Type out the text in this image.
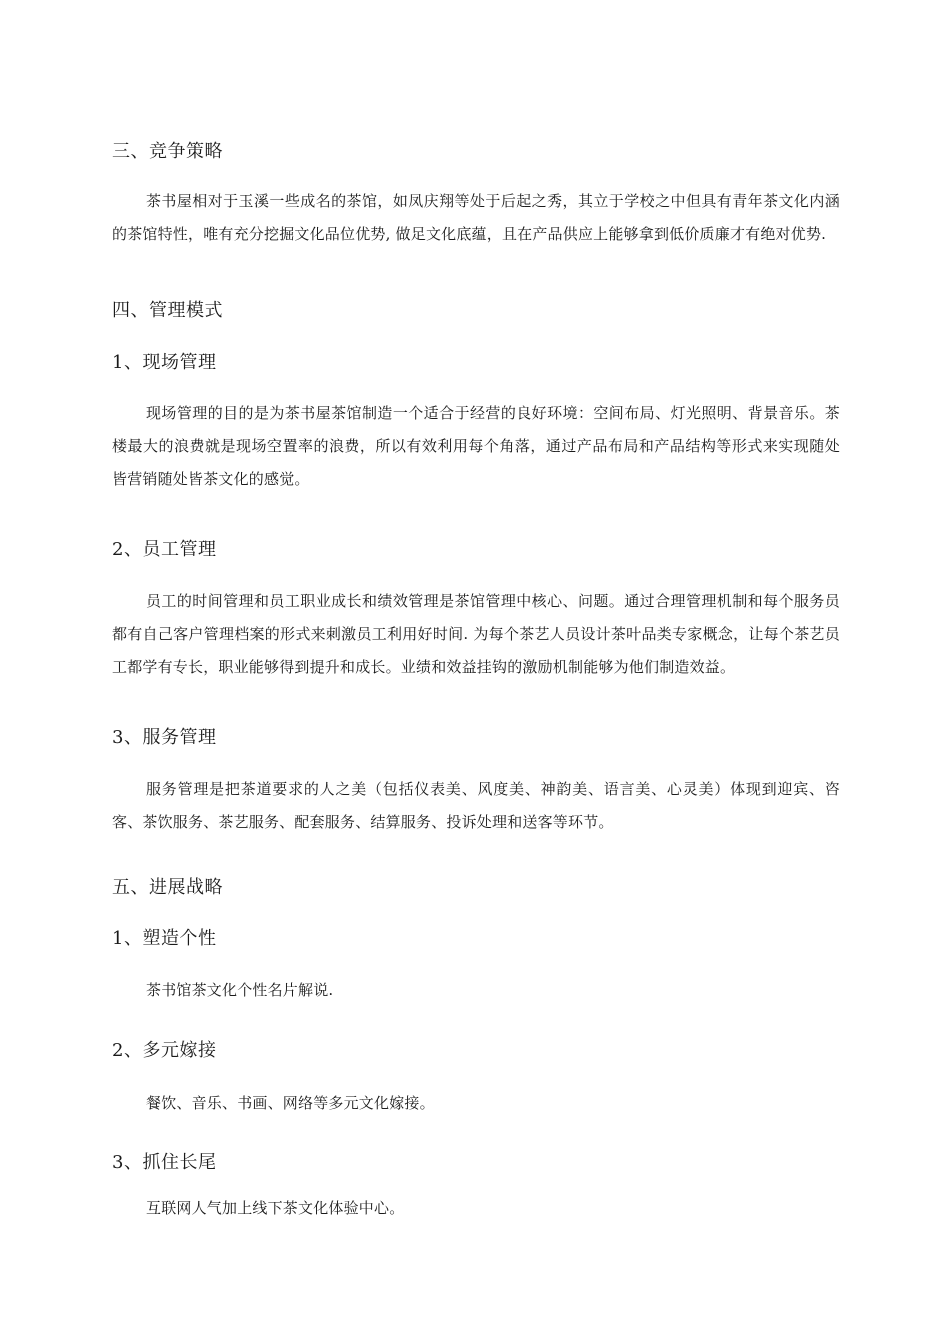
三、竞争策略
茶书屋相对于玉溪一些成名的茶馆，如凤庆翔等处于后起之秀，其立于学校之中但具有青年茶文化内涵的茶馆特性，唯有充分挖掘文化品位优势, 做足文化底蕴，且在产品供应上能够拿到低价质廉才有绝对优势.
四、管理模式
1、现场管理
现场管理的目的是为茶书屋茶馆制造一个适合于经营的良好环境：空间布局、灯光照明、背景音乐。茶楼最大的浪费就是现场空置率的浪费，所以有效利用每个角落，通过产品布局和产品结构等形式来实现随处皆营销随处皆茶文化的感觉。
2、员工管理
员工的时间管理和员工职业成长和绩效管理是茶馆管理中核心、问题。通过合理管理机制和每个服务员都有自己客户管理档案的形式来刺激员工利用好时间. 为每个茶艺人员设计茶叶品类专家概念，让每个茶艺员工都学有专长，职业能够得到提升和成长。业绩和效益挂钩的激励机制能够为他们制造效益。
3、服务管理
服务管理是把茶道要求的人之美（包括仪表美、风度美、神韵美、语言美、心灵美）体现到迎宾、咨客、茶饮服务、茶艺服务、配套服务、结算服务、投诉处理和送客等环节。
五、进展战略
1、塑造个性
茶书馆茶文化个性名片解说.
2、多元嫁接
餐饮、音乐、书画、网络等多元文化嫁接。
3、抓住长尾
互联网人气加上线下茶文化体验中心。
